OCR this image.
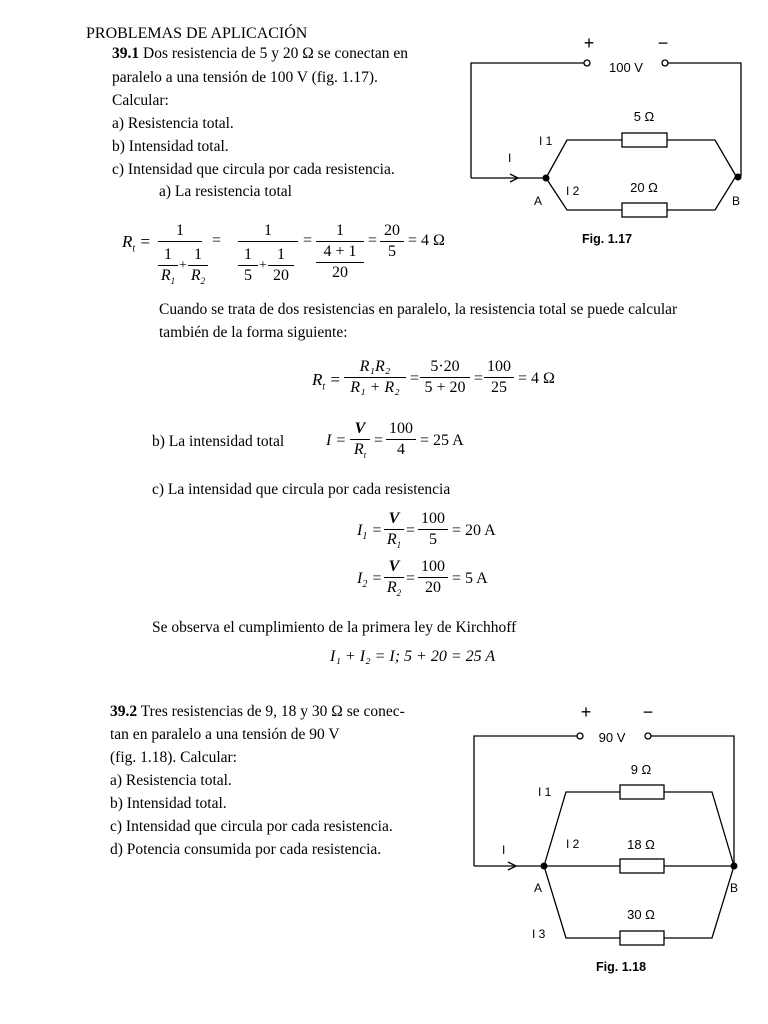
PROBLEMAS DE APLICACIÓN
39.1 Dos resistencia de 5 y 20 Ω se conectan en
paralelo a una tensión de 100 V (fig. 1.17).
Calcular:
a) Resistencia total.
b) Intensidad total.
c) Intensidad que circula por cada resistencia.
a) La resistencia total
$R_t$ =
1
1
$R_1$
+
1
$R_2$
=
1
1
5
+
1
20
=
1
4 + 1
20
=
20
5
= 4 Ω
Cuando se trata de dos resistencias en paralelo, la resistencia total se puede calcular
también de la forma siguiente:
$R_t$ =
R₁R₂
R₁ + R₂
=
5·20
5 + 20
=
100
25
= 4 Ω
b) La intensidad total	I =
V
$R_t$
=
100
4
= 25 A
c) La intensidad que circula por cada resistencia
$I_1$ =
V
$R_1$
=
100
5
= 20 A
$I_2$ =
V
$R_2$
=
100
20
= 5 A
Se observa el cumplimiento de la primera ley de Kirchhoff
I₁ + I₂ = I; 5 + 20 = 25 A
39.2 Tres resistencias de 9, 18 y 30 Ω se conec-
tan en paralelo a una tensión de 90 V
(fig. 1.18). Calcular:
a) Resistencia total.
b) Intensidad total.
c) Intensidad que circula por cada resistencia.
d) Potencia consumida por cada resistencia.
+	−
100 V
5 Ω
20 Ω
I
I 1
I 2
A	B
Fig. 1.17
+	−
90 V
9 Ω
18 Ω
30 Ω
I
I 1
I 2
I 3
A	B
Fig. 1.18
